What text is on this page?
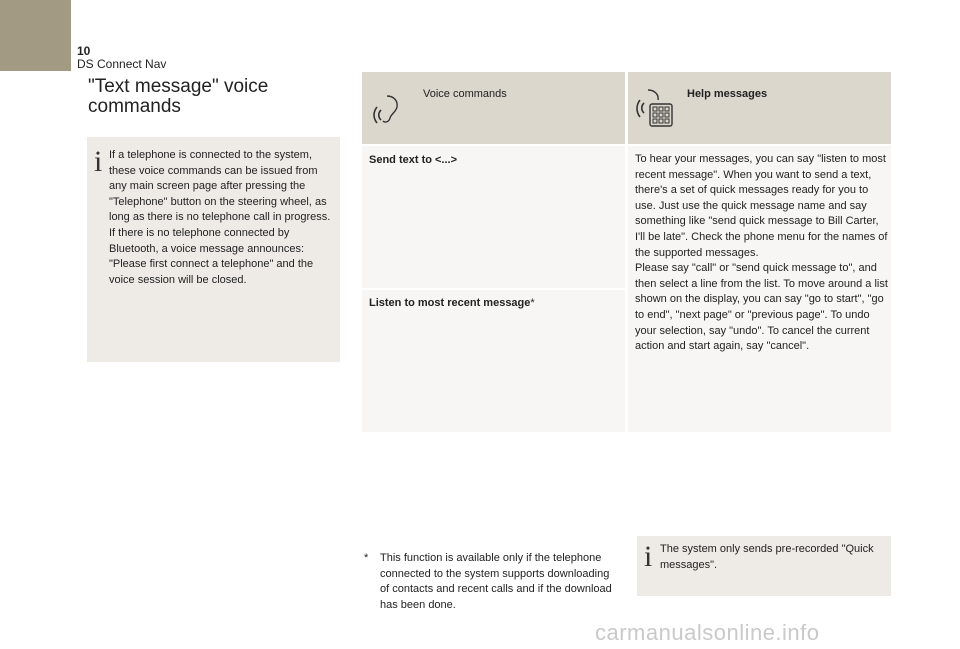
10
DS Connect Nav
"Text message" voice commands
i If a telephone is connected to the system, these voice commands can be issued from any main screen page after pressing the "Telephone" button on the steering wheel, as long as there is no telephone call in progress.

If there is no telephone connected by Bluetooth, a voice message announces: "Please first connect a telephone" and the voice session will be closed.

Voice commands	Help messages
Send text to <...>
Listen to most recent message*
To hear your messages, you can say "listen to most recent message". When you want to send a text, there's a set of quick messages ready for you to use. Just use the quick message name and say something like "send quick message to Bill Carter, I'll be late". Check the phone menu for the names of the supported messages.
Please say "call" or "send quick message to", and then select a line from the list. To move around a list shown on the display, you can say "go to start", "go to end", "next page" or "previous page". To undo your selection, say "undo". To cancel the current action and start again, say "cancel".
* This function is available only if the telephone connected to the system supports downloading of contacts and recent calls and if the download has been done.
i The system only sends pre-recorded "Quick messages".
carmanualsonline.info
